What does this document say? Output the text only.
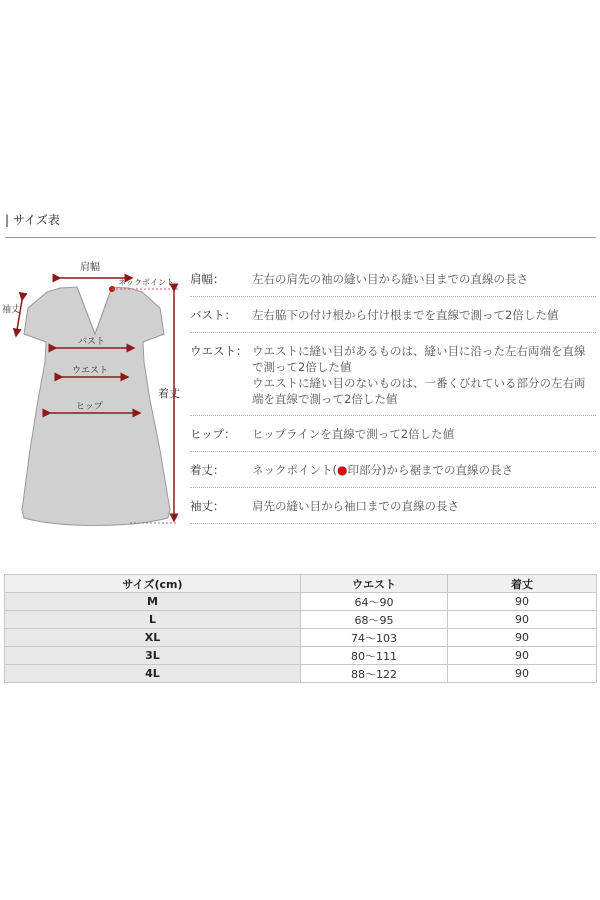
| サイズ表
肩幅
ネックポイント
袖丈
バスト
ウエスト
ヒップ
着丈
肩幅：	左右の肩先の袖の縫い目から縫い目までの直線の長さ
バスト：	左右脇下の付け根から付け根までを直線で測って2倍した値
ウエスト： ウエストに縫い目があるものは、縫い目に沿った左右両端を直線で測って2倍した値
ウエストに縫い目のないものは、一番くびれている部分の左右両端を直線で測って2倍した値
ヒップ：	ヒップラインを直線で測って2倍した値
着丈：	ネックポイント(●印部分)から裾までの直線の長さ
袖丈：	肩先の縫い目から袖口までの直線の長さ
サイズ(cm)	ウエスト	着丈
M	64～90	90
L	68～95	90
XL	74～103	90
3L	80～111	90
4L	88～122	90
